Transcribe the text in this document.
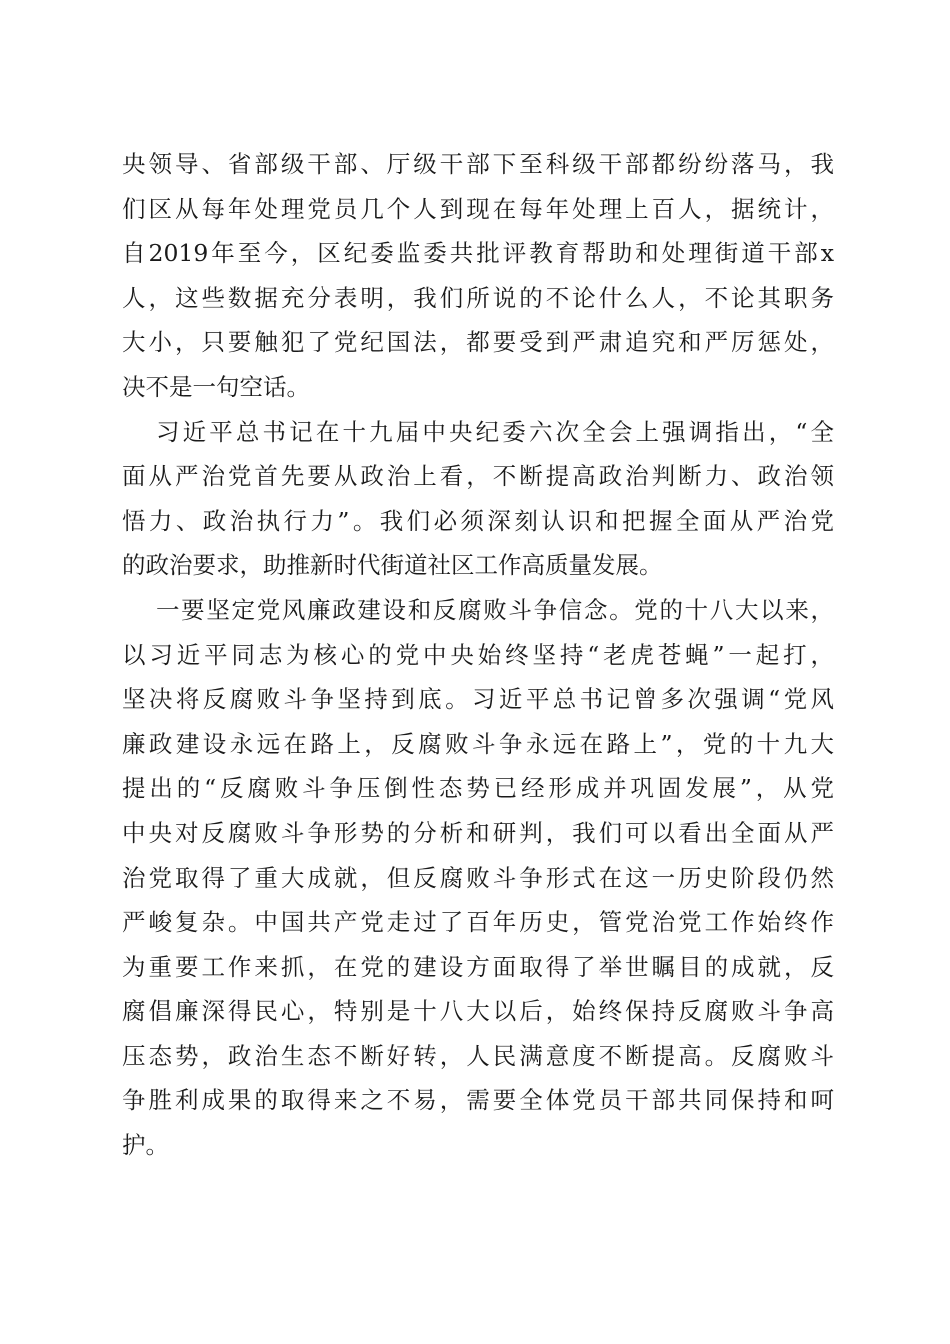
央领导、省部级干部、厅级干部下至科级干部都纷纷落马，我
们区从每年处理党员几个人到现在每年处理上百人，据统计，
自2019年至今，区纪委监委共批评教育帮助和处理街道干部x
人，这些数据充分表明，我们所说的不论什么人，不论其职务
大小，只要触犯了党纪国法，都要受到严肃追究和严厉惩处，
决不是一句空话。
习近平总书记在十九届中央纪委六次全会上强调指出，“全
面从严治党首先要从政治上看，不断提高政治判断力、政治领
悟力、政治执行力”。我们必须深刻认识和把握全面从严治党
的政治要求，助推新时代街道社区工作高质量发展。
一要坚定党风廉政建设和反腐败斗争信念。党的十八大以来，
以习近平同志为核心的党中央始终坚持“老虎苍蝇”一起打，
坚决将反腐败斗争坚持到底。习近平总书记曾多次强调“党风
廉政建设永远在路上，反腐败斗争永远在路上”，党的十九大
提出的“反腐败斗争压倒性态势已经形成并巩固发展”，从党
中央对反腐败斗争形势的分析和研判，我们可以看出全面从严
治党取得了重大成就，但反腐败斗争形式在这一历史阶段仍然
严峻复杂。中国共产党走过了百年历史，管党治党工作始终作
为重要工作来抓，在党的建设方面取得了举世瞩目的成就，反
腐倡廉深得民心，特别是十八大以后，始终保持反腐败斗争高
压态势，政治生态不断好转，人民满意度不断提高。反腐败斗
争胜利成果的取得来之不易，需要全体党员干部共同保持和呵
护。
